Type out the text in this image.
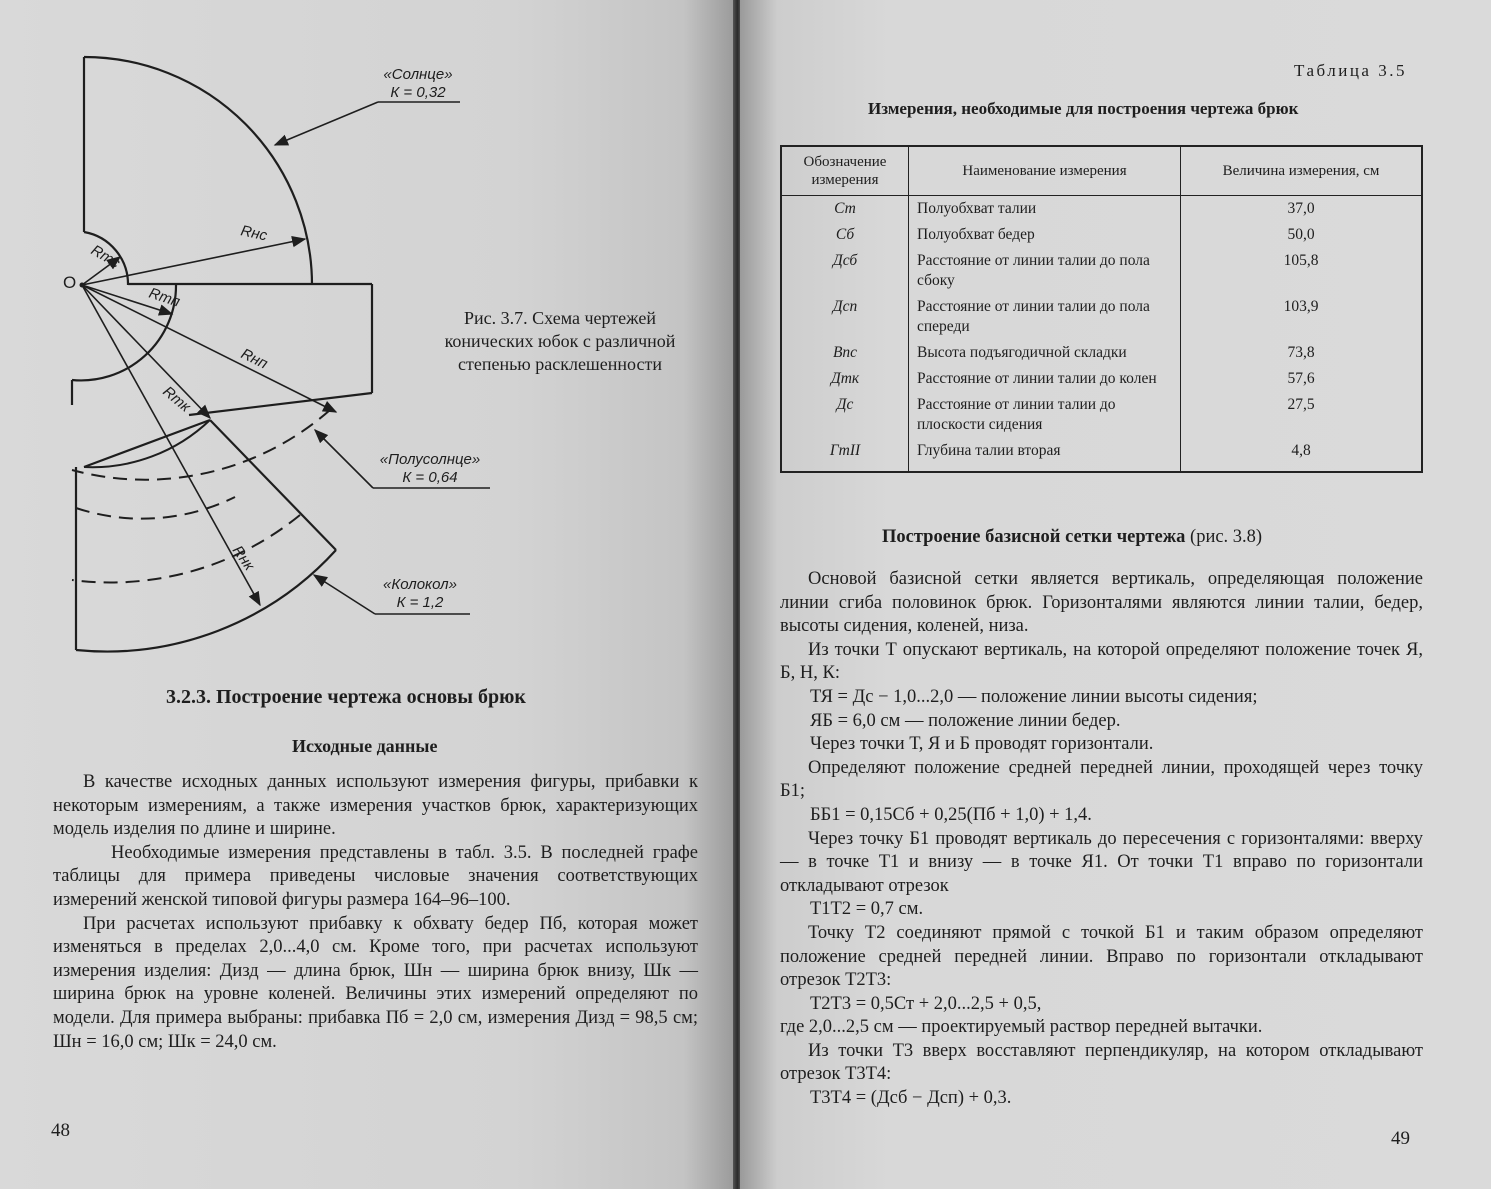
O
Rтс
Rнс
Rтп
Rнп
Rтк
Rнк
«Солнце»
К = 0,32
«Полусолнце»
К = 0,64
«Колокол»
К = 1,2
Рис. 3.7. Схема чертежей конических юбок с различной степенью расклешенности
3.2.3. Построение чертежа основы брюк
Исходные данные

В качестве исходных данных используют измерения фигуры, прибавки к некоторым измерениям, а также измерения участков брюк, характеризующих модель изделия по длине и ширине.

Необходимые измерения представлены в табл. 3.5. В последней графе таблицы для примера приведены числовые значения соответствующих измерений женской типовой фигуры размера 164–96–100.

При расчетах используют прибавку к обхвату бедер Пб, которая может изменяться в пределах 2,0...4,0 см. Кроме того, при расчетах используют измерения изделия: Дизд — длина брюк, Шн — ширина брюк внизу, Шк — ширина брюк на уровне коленей. Величины этих измерений определяют по модели. Для примера выбраны: прибавка Пб = 2,0 см, измерения Дизд = 98,5 см; Шн = 16,0 см; Шк = 24,0 см.

48
Таблица 3.5
Измерения, необходимые для построения чертежа брюк
Обозначение измерения	Наименование измерения	Величина измерения, см
Ст	Полуобхват талии	37,0
Сб	Полуобхват бедер	50,0
Дсб	Расстояние от линии талии до пола сбоку	105,8
Дсп	Расстояние от линии талии до пола спереди	103,9
Впс	Высота подъягодичной складки	73,8
Дтк	Расстояние от линии талии до колен	57,6
Дс	Расстояние от линии талии до плоскости сидения	27,5
ГтII	Глубина талии вторая	4,8
Построение базисной сетки чертежа (рис. 3.8)

Основой базисной сетки является вертикаль, определяющая положение линии сгиба половинок брюк. Горизонталями являются линии талии, бедер, высоты сидения, коленей, низа.

Из точки Т опускают вертикаль, на которой определяют положение точек Я, Б, Н, К:

ТЯ = Дс − 1,0...2,0 — положение линии высоты сидения;

ЯБ = 6,0 см — положение линии бедер.

Через точки Т, Я и Б проводят горизонтали.

Определяют положение средней передней линии, проходящей через точку Б1;

ББ1 = 0,15Сб + 0,25(Пб + 1,0) + 1,4.

Через точку Б1 проводят вертикаль до пересечения с горизонталями: вверху — в точке Т1 и внизу — в точке Я1. От точки Т1 вправо по горизонтали откладывают отрезок

Т1Т2 = 0,7 см.

Точку Т2 соединяют прямой с точкой Б1 и таким образом определяют положение средней передней линии. Вправо по горизонтали откладывают отрезок Т2Т3:

Т2Т3 = 0,5Ст + 2,0...2,5 + 0,5,

где 2,0...2,5 см — проектируемый раствор передней вытачки.

Из точки Т3 вверх восставляют перпендикуляр, на котором откладывают отрезок Т3Т4:

Т3Т4 = (Дсб − Дсп) + 0,3.

49
